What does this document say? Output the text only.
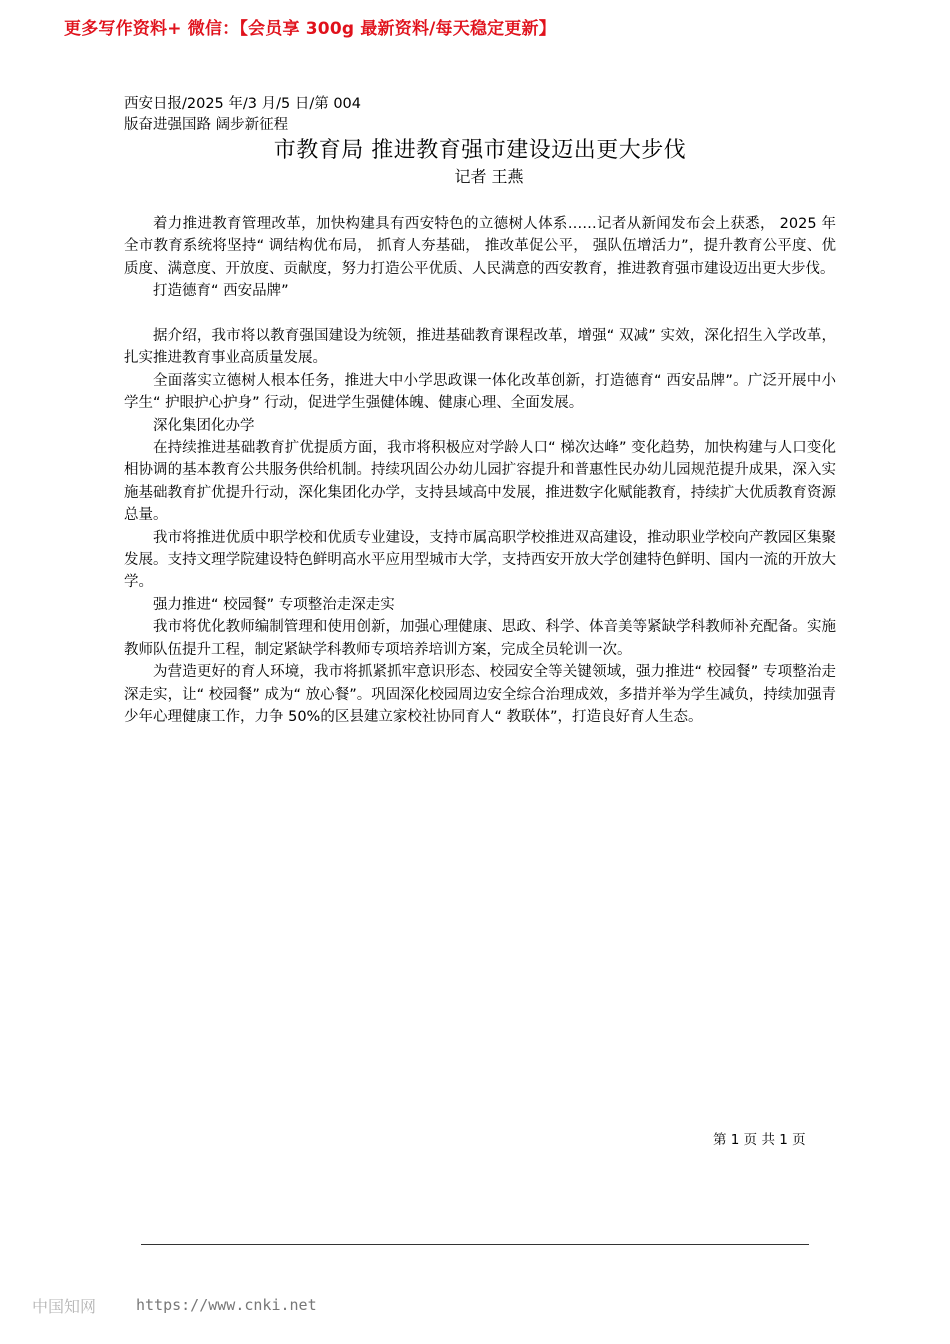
更多写作资料+ 微信：【会员享 300g 最新资料/每天稳定更新】
西安日报/2025 年/3 月/5 日/第 004
版奋进强国路 阔步新征程
市教育局 推进教育强市建设迈出更大步伐
记者 王燕

着力推进教育管理改革，加快构建具有西安特色的立德树人体系……记者从新闻发布会上获悉， 2025 年全市教育系统将坚持“ 调结构优布局， 抓育人夯基础， 推改革促公平， 强队伍增活力”，提升教育公平度、优质度、满意度、开放度、贡献度，努力打造公平优质、人民满意的西安教育，推进教育强市建设迈出更大步伐。

打造德育“ 西安品牌”

据介绍，我市将以教育强国建设为统领，推进基础教育课程改革，增强“ 双减” 实效，深化招生入学改革，扎实推进教育事业高质量发展。

全面落实立德树人根本任务，推进大中小学思政课一体化改革创新，打造德育“ 西安品牌”。广泛开展中小学生“ 护眼护心护身” 行动，促进学生强健体魄、健康心理、全面发展。

深化集团化办学

在持续推进基础教育扩优提质方面，我市将积极应对学龄人口“ 梯次达峰” 变化趋势，加快构建与人口变化相协调的基本教育公共服务供给机制。持续巩固公办幼儿园扩容提升和普惠性民办幼儿园规范提升成果，深入实施基础教育扩优提升行动，深化集团化办学，支持县域高中发展，推进数字化赋能教育，持续扩大优质教育资源总量。

我市将推进优质中职学校和优质专业建设，支持市属高职学校推进双高建设，推动职业学校向产教园区集聚发展。支持文理学院建设特色鲜明高水平应用型城市大学，支持西安开放大学创建特色鲜明、国内一流的开放大学。

强力推进“ 校园餐” 专项整治走深走实

我市将优化教师编制管理和使用创新，加强心理健康、思政、科学、体音美等紧缺学科教师补充配备。实施教师队伍提升工程，制定紧缺学科教师专项培养培训方案，完成全员轮训一次。

为营造更好的育人环境，我市将抓紧抓牢意识形态、校园安全等关键领域，强力推进“ 校园餐” 专项整治走深走实，让“ 校园餐” 成为“ 放心餐”。巩固深化校园周边安全综合治理成效，多措并举为学生减负，持续加强青少年心理健康工作，力争 50%的区县建立家校社协同育人“ 教联体”，打造良好育人生态。

第 1 页 共 1 页
中国知网	https://www.cnki.net
